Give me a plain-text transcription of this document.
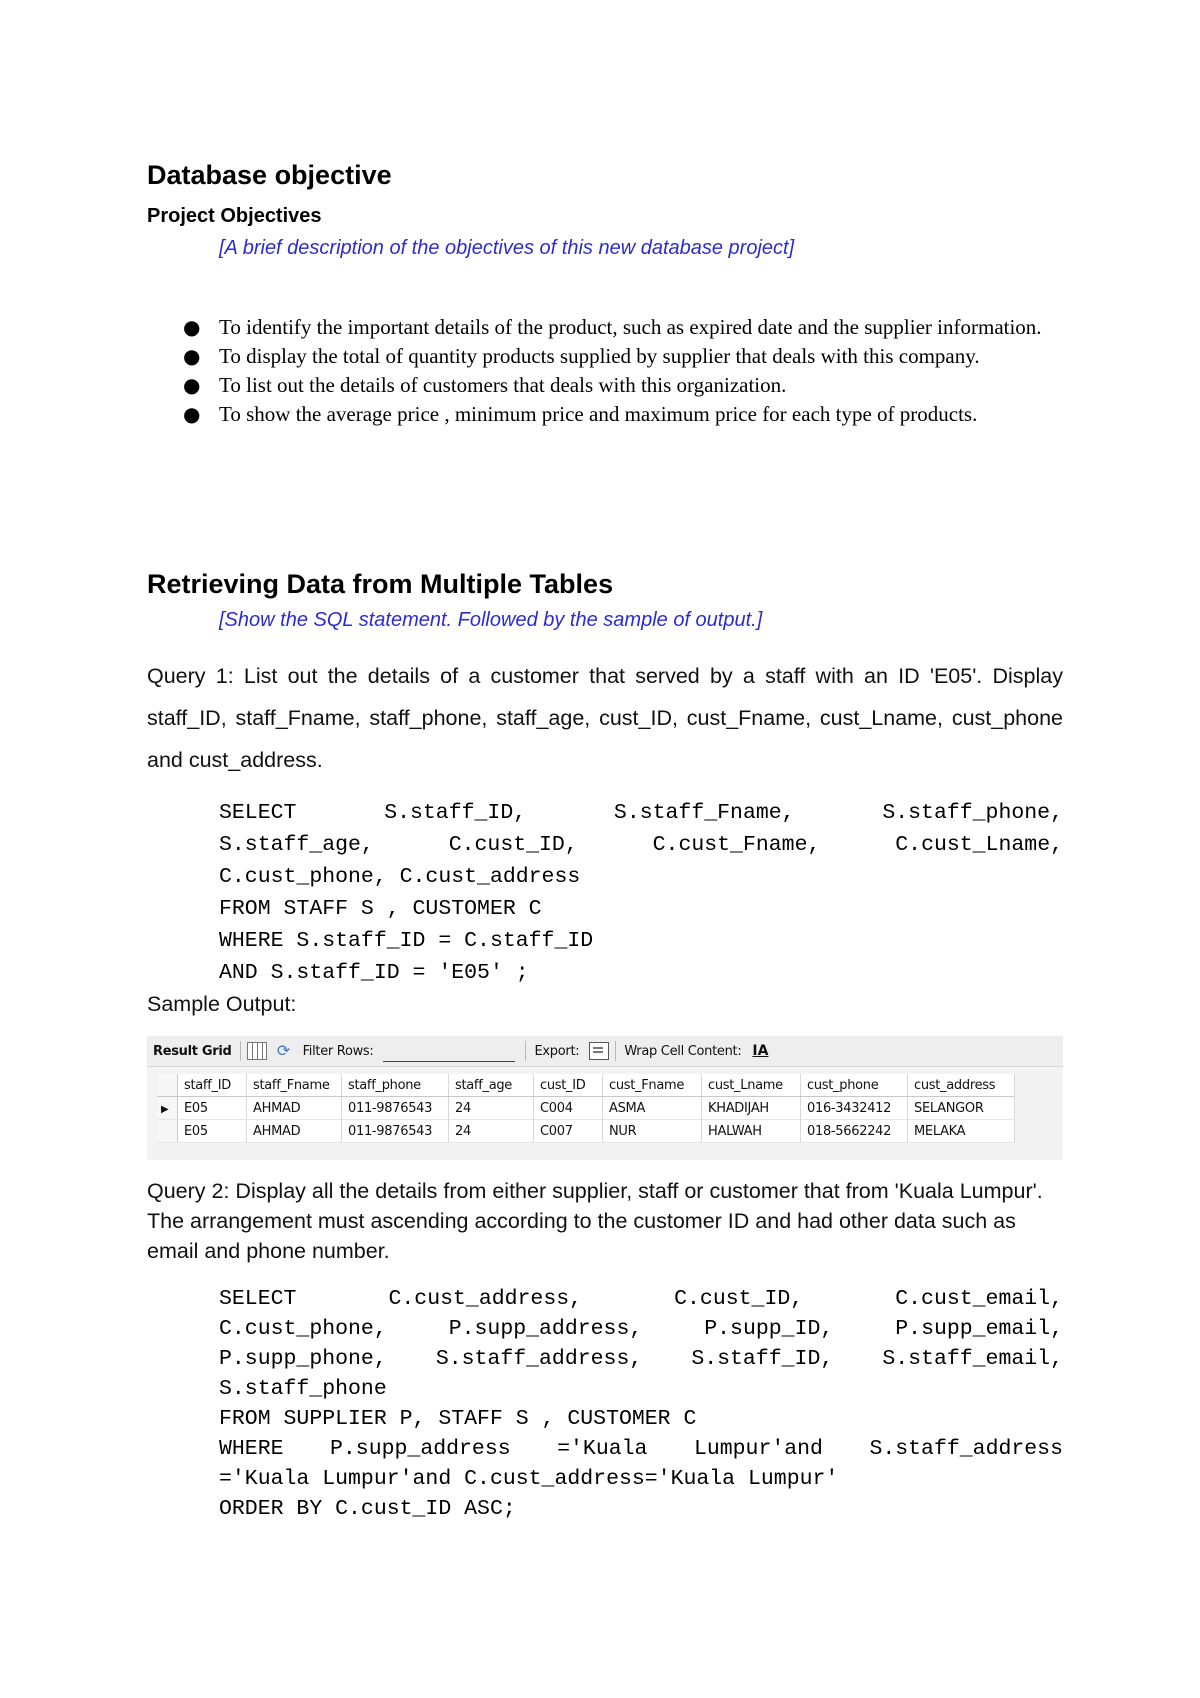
Database objective
Project Objectives
[A brief description of the objectives of this new database project]
● To identify the important details of the product, such as expired date and the supplier information.
● To display the total of quantity products supplied by supplier that deals with this company.
● To list out the details of customers that deals with this organization.
● To show the average price , minimum price and maximum price for each type of products.
Retrieving Data from Multiple Tables
[Show the SQL statement. Followed by the sample of output.]
Query 1: List out the details of a customer that served by a staff with an ID 'E05'. Display staff_ID, staff_Fname, staff_phone, staff_age, cust_ID, cust_Fname, cust_Lname, cust_phone and cust_address.
SELECT	S.staff_ID,	S.staff_Fname,	S.staff_phone,
S.staff_age,	C.cust_ID,	C.cust_Fname,	C.cust_Lname,
C.cust_phone, C.cust_address
FROM STAFF S , CUSTOMER C
WHERE S.staff_ID = C.staff_ID
AND S.staff_ID = 'E05' ;
Sample Output:
Result Grid	⟳ Filter Rows:	Export:	Wrap Cell Content: IA
	staff_ID	staff_Fname	staff_phone	staff_age	cust_ID	cust_Fname	cust_Lname	cust_phone	cust_address
▶	E05	AHMAD	011-9876543	24	C004	ASMA	KHADIJAH	016-3432412	SELANGOR
	E05	AHMAD	011-9876543	24	C007	NUR	HALWAH	018-5662242	MELAKA
Query 2: Display all the details from either supplier, staff or customer that from 'Kuala Lumpur'. The arrangement must ascending according to the customer ID and had other data such as email and phone number.
SELECT	C.cust_address,	C.cust_ID,	C.cust_email,
C.cust_phone,	P.supp_address,	P.supp_ID,	P.supp_email,
P.supp_phone, S.staff_address, S.staff_ID, S.staff_email,
S.staff_phone
FROM SUPPLIER P, STAFF S , CUSTOMER C
WHERE P.supp_address ='Kuala Lumpur'and S.staff_address
='Kuala Lumpur'and C.cust_address='Kuala Lumpur'
ORDER BY C.cust_ID ASC;
